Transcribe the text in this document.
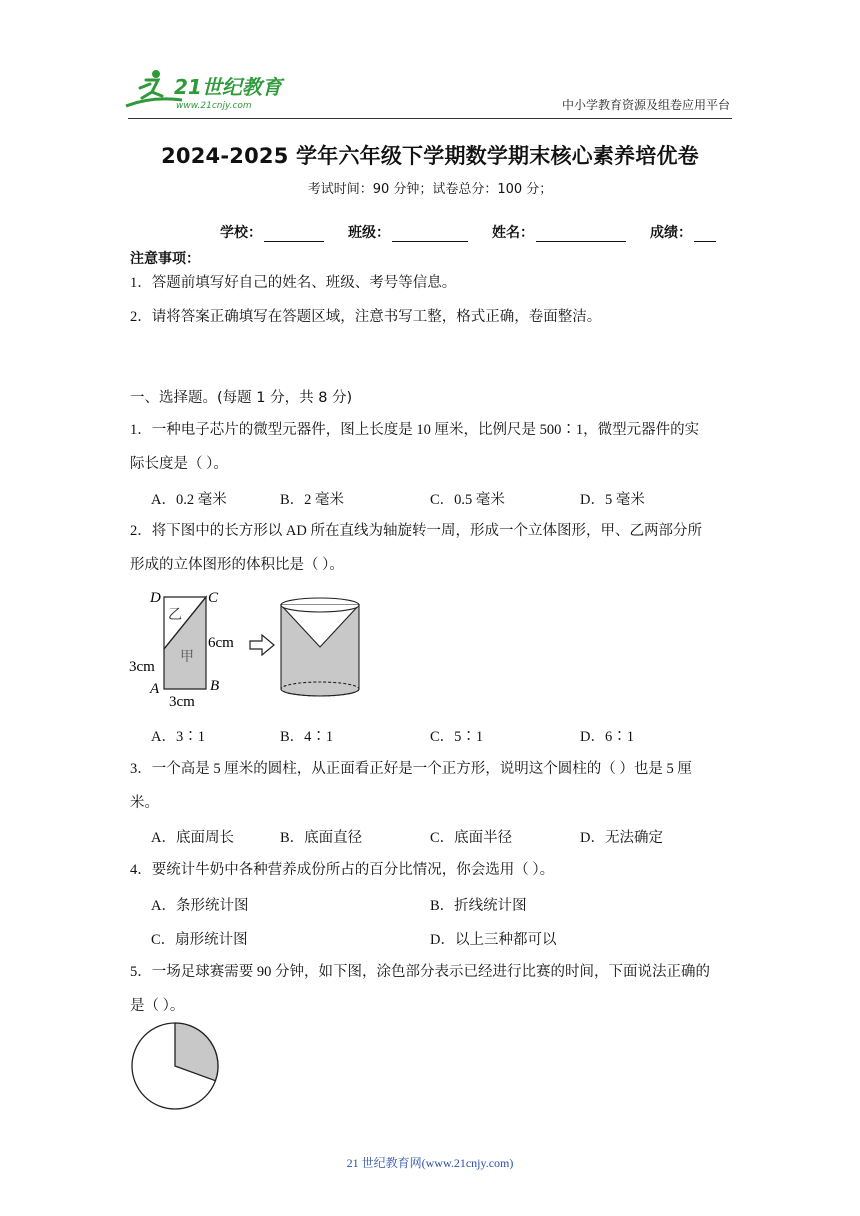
21世纪教育
www.21cnjy.com	中小学教育资源及组卷应用平台
2024-2025 学年六年级下学期数学期末核心素养培优卷
考试时间：90 分钟；试卷总分：100 分；
学校：	班级：	姓名：	成绩：
注意事项：
1．答题前填写好自己的姓名、班级、考号等信息。
2．请将答案正确填写在答题区域，注意书写工整，格式正确，卷面整洁。
一、选择题。(每题 1 分，共 8 分)
1．一种电子芯片的微型元器件，图上长度是 10 厘米，比例尺是 500∶1，微型元器件的实
际长度是（ ）。
A．0.2 毫米	B．2 毫米	C．0.5 毫米	D．5 毫米
2．将下图中的长方形以 AD 所在直线为轴旋转一周，形成一个立体图形，甲、乙两部分所
形成的立体图形的体积比是（ ）。
D	C
A	B
乙
甲
6cm
3cm
3cm
A．3∶1	B．4∶1	C．5∶1	D．6∶1
3．一个高是 5 厘米的圆柱，从正面看正好是一个正方形，说明这个圆柱的（ ）也是 5 厘
米。
A．底面周长	B．底面直径	C．底面半径	D．无法确定
4．要统计牛奶中各种营养成份所占的百分比情况，你会选用（ ）。
A．条形统计图	B．折线统计图
C．扇形统计图	D．以上三种都可以
5．一场足球赛需要 90 分钟，如下图，涂色部分表示已经进行比赛的时间，下面说法正确的
是（ ）。
21 世纪教育网(www.21cnjy.com)
